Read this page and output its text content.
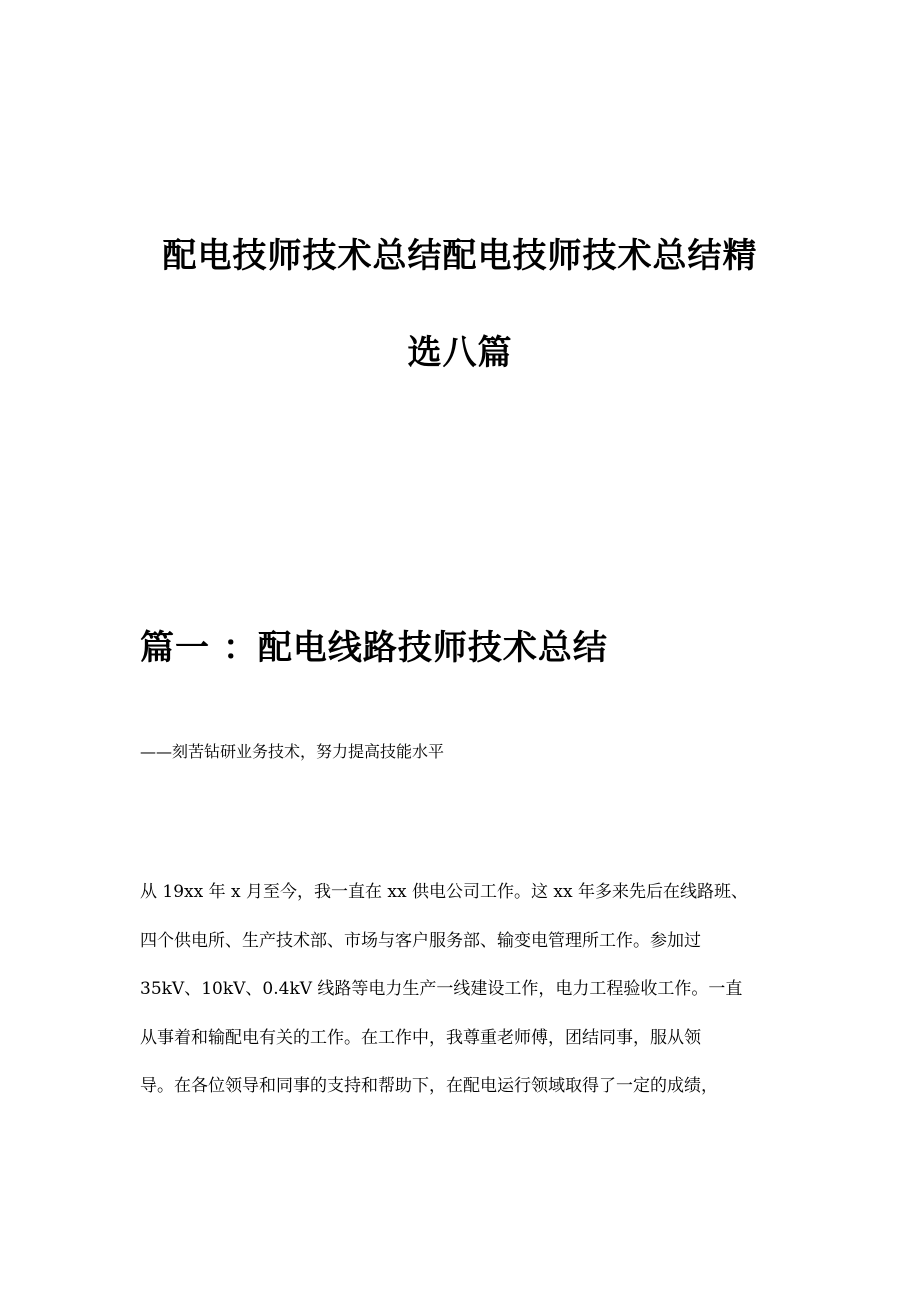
配电技师技术总结配电技师技术总结精
选八篇
篇一 ：配电线路技师技术总结
——刻苦钻研业务技术，努力提高技能水平
从 19xx 年 x 月至今，我一直在 xx 供电公司工作。这 xx 年多来先后在线路班、
四个供电所、生产技术部、市场与客户服务部、输变电管理所工作。参加过
35kV、10kV、0.4kV 线路等电力生产一线建设工作，电力工程验收工作。一直
从事着和输配电有关的工作。在工作中，我尊重老师傅，团结同事，服从领
导。在各位领导和同事的支持和帮助下，在配电运行领域取得了一定的成绩，
